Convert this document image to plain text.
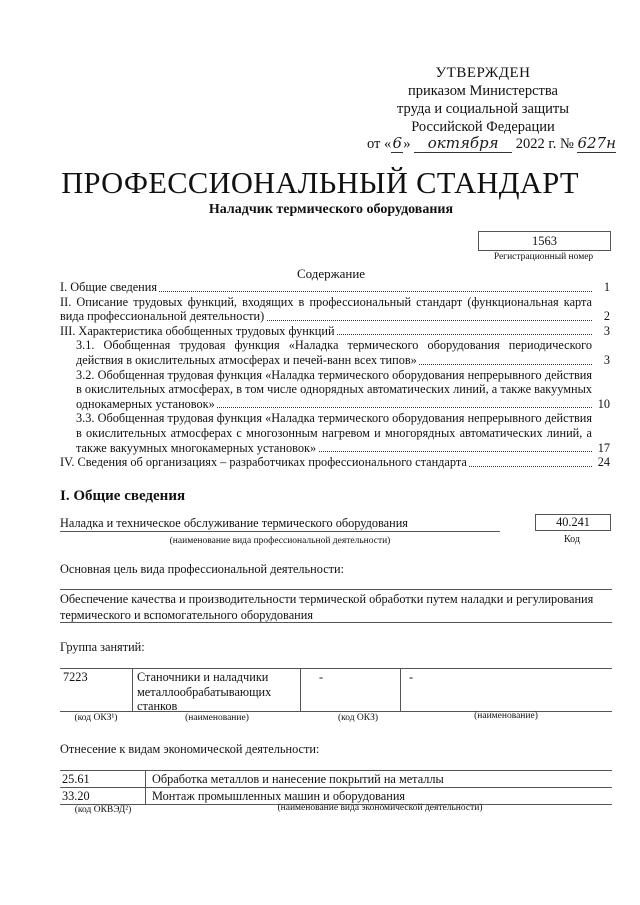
УТВЕРЖДЕН
приказом Министерства
труда и социальной защиты
Российской Федерации
от «6» октября 2022 г. № 627н
ПРОФЕССИОНАЛЬНЫЙ СТАНДАРТ
Наладчик термического оборудования
1563
Регистрационный номер
Содержание
I. Общие сведения	1
II. Описание трудовых функций, входящих в профессиональный стандарт (функциональная карта вида профессиональной деятельности)	2
III. Характеристика обобщенных трудовых функций	3
3.1. Обобщенная трудовая функция «Наладка термического оборудования периодического действия в окислительных атмосферах и печей-ванн всех типов»	3
3.2. Обобщенная трудовая функция «Наладка термического оборудования непрерывного действия в окислительных атмосферах, в том числе однорядных автоматических линий, а также вакуумных однокамерных установок»	10
3.3. Обобщенная трудовая функция «Наладка термического оборудования непрерывного действия в окислительных атмосферах с многозонным нагревом и многорядных автоматических линий, а также вакуумных многокамерных установок»	17
IV. Сведения об организациях – разработчиках профессионального стандарта	24
I. Общие сведения
Наладка и техническое обслуживание термического оборудования
(наименование вида профессиональной деятельности)
40.241
Код
Основная цель вида профессиональной деятельности:
Обеспечение качества и производительности термической обработки путем наладки и регулирования термического и вспомогательного оборудования
Группа занятий:
7223	Станочники и наладчики металлообрабатывающих станков
-	-
(код ОКЗ¹)	(наименование)	(код ОКЗ)	(наименование)
Отнесение к видам экономической деятельности:
25.61	Обработка металлов и нанесение покрытий на металлы
33.20	Монтаж промышленных машин и оборудования
(код ОКВЭД²)	(наименование вида экономической деятельности)
